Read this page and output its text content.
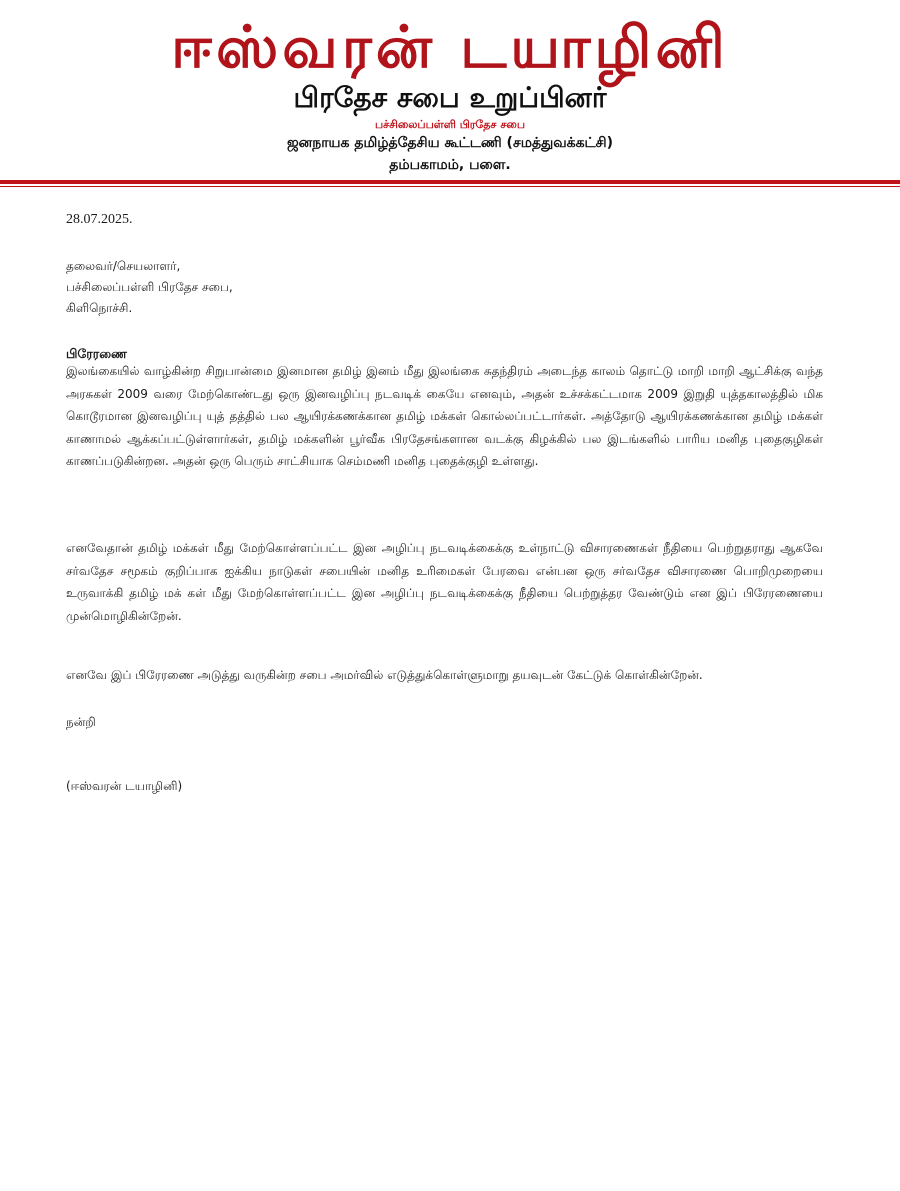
ஈஸ்வரன் டயாழினி
பிரதேச சபை உறுப்பினர்
பச்சிலைப்பள்ளி பிரதேச சபை
ஜனநாயக தமிழ்த்தேசிய கூட்டணி (சமத்துவக்கட்சி)
தம்பகாமம், பளை.
28.07.2025.
தலைவர்/செயலாளர்,
பச்சிலைப்பள்ளி பிரதேச சபை,
கிளிநொச்சி.
பிரேரணை

இலங்கையில் வாழ்கின்ற சிறுபான்மை இனமான தமிழ் இனம் மீது இலங்கை சுதந்திரம் அடைந்த காலம் தொட்டு மாறி மாறி ஆட்சிக்கு வந்த அரசுகள் 2009 வரை மேற்கொண்டது ஒரு இனவழிப்பு நடவடிக் கையே எனவும், அதன் உச்சக்கட்டமாக 2009 இறுதி யுத்தகாலத்தில் மிக கொடூரமான இனவழிப்பு யுத் தத்தில் பல ஆயிரக்கணக்கான தமிழ் மக்கள் கொல்லப்பட்டார்கள். அத்தோடு ஆயிரக்கணக்கான தமிழ் மக்கள் காணாமல் ஆக்கப்பட்டுள்ளார்கள், தமிழ் மக்களின் பூர்வீக பிரதேசங்களான வடக்கு கிழக்கில் பல இடங்களில் பாரிய மனித புதைகுழிகள் காணப்படுகின்றன. அதன் ஒரு பெரும் சாட்சியாக செம்மணி மனித புதைக்குழி உள்ளது.

எனவேதான் தமிழ் மக்கள் மீது மேற்கொள்ளப்பட்ட இன அழிப்பு நடவடிக்கைக்கு உள்நாட்டு விசாரணைகள் நீதியை பெற்றுதராது ஆகவே சர்வதேச சமூகம் குறிப்பாக ஐக்கிய நாடுகள் சபையின் மனித உரிமைகள் பேரவை என்பன ஒரு சர்வதேச விசாரணை பொறிமுறையை உருவாக்கி தமிழ் மக் கள் மீது மேற்கொள்ளப்பட்ட இன அழிப்பு நடவடிக்கைக்கு நீதியை பெற்றுத்தர வேண்டும் என இப் பிரேரணையை முன்மொழிகின்றேன்.

எனவே இப் பிரேரணை அடுத்து வருகின்ற சபை அமர்வில் எடுத்துக்கொள்ளுமாறு தயவுடன் கேட்டுக் கொள்கின்றேன்.

நன்றி
(ஈஸ்வரன் டயாழினி)
